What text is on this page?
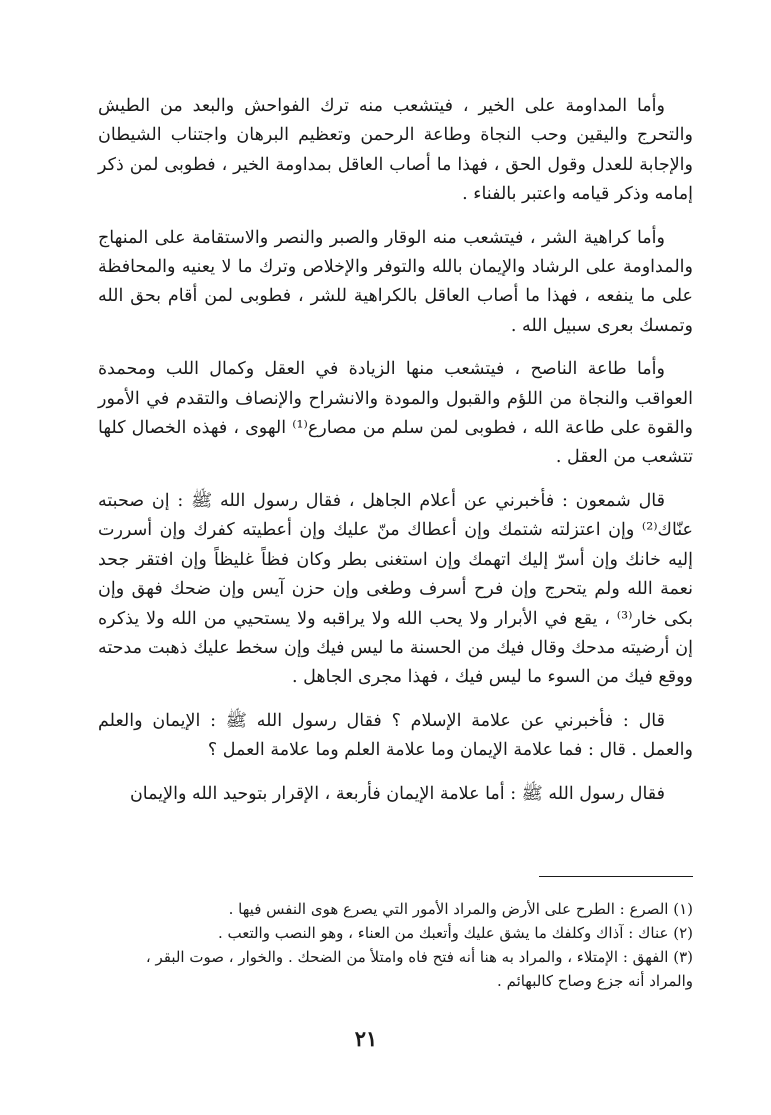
وأما المداومة على الخير ، فيتشعب منه ترك الفواحش والبعد من الطيش والتحرج واليقين وحب النجاة وطاعة الرحمن وتعظيم البرهان واجتناب الشيطان والإجابة للعدل وقول الحق ، فهذا ما أصاب العاقل بمداومة الخير ، فطوبى لمن ذكر إمامه وذكر قيامه واعتبر بالفناء .

وأما كراهية الشر ، فيتشعب منه الوقار والصبر والنصر والاستقامة على المنهاج والمداومة على الرشاد والإيمان بالله والتوفر والإخلاص وترك ما لا يعنيه والمحافظة على ما ينفعه ، فهذا ما أصاب العاقل بالكراهية للشر ، فطوبى لمن أقام بحق الله وتمسك بعرى سبيل الله .

وأما طاعة الناصح ، فيتشعب منها الزيادة في العقل وكمال اللب ومحمدة العواقب والنجاة من اللؤم والقبول والمودة والانشراح والإنصاف والتقدم في الأمور والقوة على طاعة الله ، فطوبى لمن سلم من مصارع⁽¹⁾ الهوى ، فهذه الخصال كلها تتشعب من العقل .

قال شمعون : فأخبرني عن أعلام الجاهل ، فقال رسول الله ﷺ : إن صحبته عنّاك⁽²⁾ وإن اعتزلته شتمك وإن أعطاك منّ عليك وإن أعطيته كفرك وإن أسررت إليه خانك وإن أسرّ إليك اتهمك وإن استغنى بطر وكان فظاً غليظاً وإن افتقر جحد نعمة الله ولم يتحرج وإن فرح أسرف وطغى وإن حزن آيس وإن ضحك فهق وإن بكى خار⁽³⁾ ، يقع في الأبرار ولا يحب الله ولا يراقبه ولا يستحيي من الله ولا يذكره إن أرضيته مدحك وقال فيك من الحسنة ما ليس فيك وإن سخط عليك ذهبت مدحته ووقع فيك من السوء ما ليس فيك ، فهذا مجرى الجاهل .

قال : فأخبرني عن علامة الإسلام ؟ فقال رسول الله ﷺ : الإيمان والعلم والعمل . قال : فما علامة الإيمان وما علامة العلم وما علامة العمل ؟

فقال رسول الله ﷺ : أما علامة الإيمان فأربعة ، الإقرار بتوحيد الله والإيمان

(١) الصرع : الطرح على الأرض والمراد الأمور التي يصرع هوى النفس فيها .

(٢) عناك : آذاك وكلفك ما يشق عليك وأتعبك من العناء ، وهو النصب والتعب .

(٣) الفهق : الإمتلاء ، والمراد به هنا أنه فتح فاه وامتلأ من الضحك . والخوار ، صوت البقر ، والمراد أنه جزع وصاح كالبهائم .

٢١
